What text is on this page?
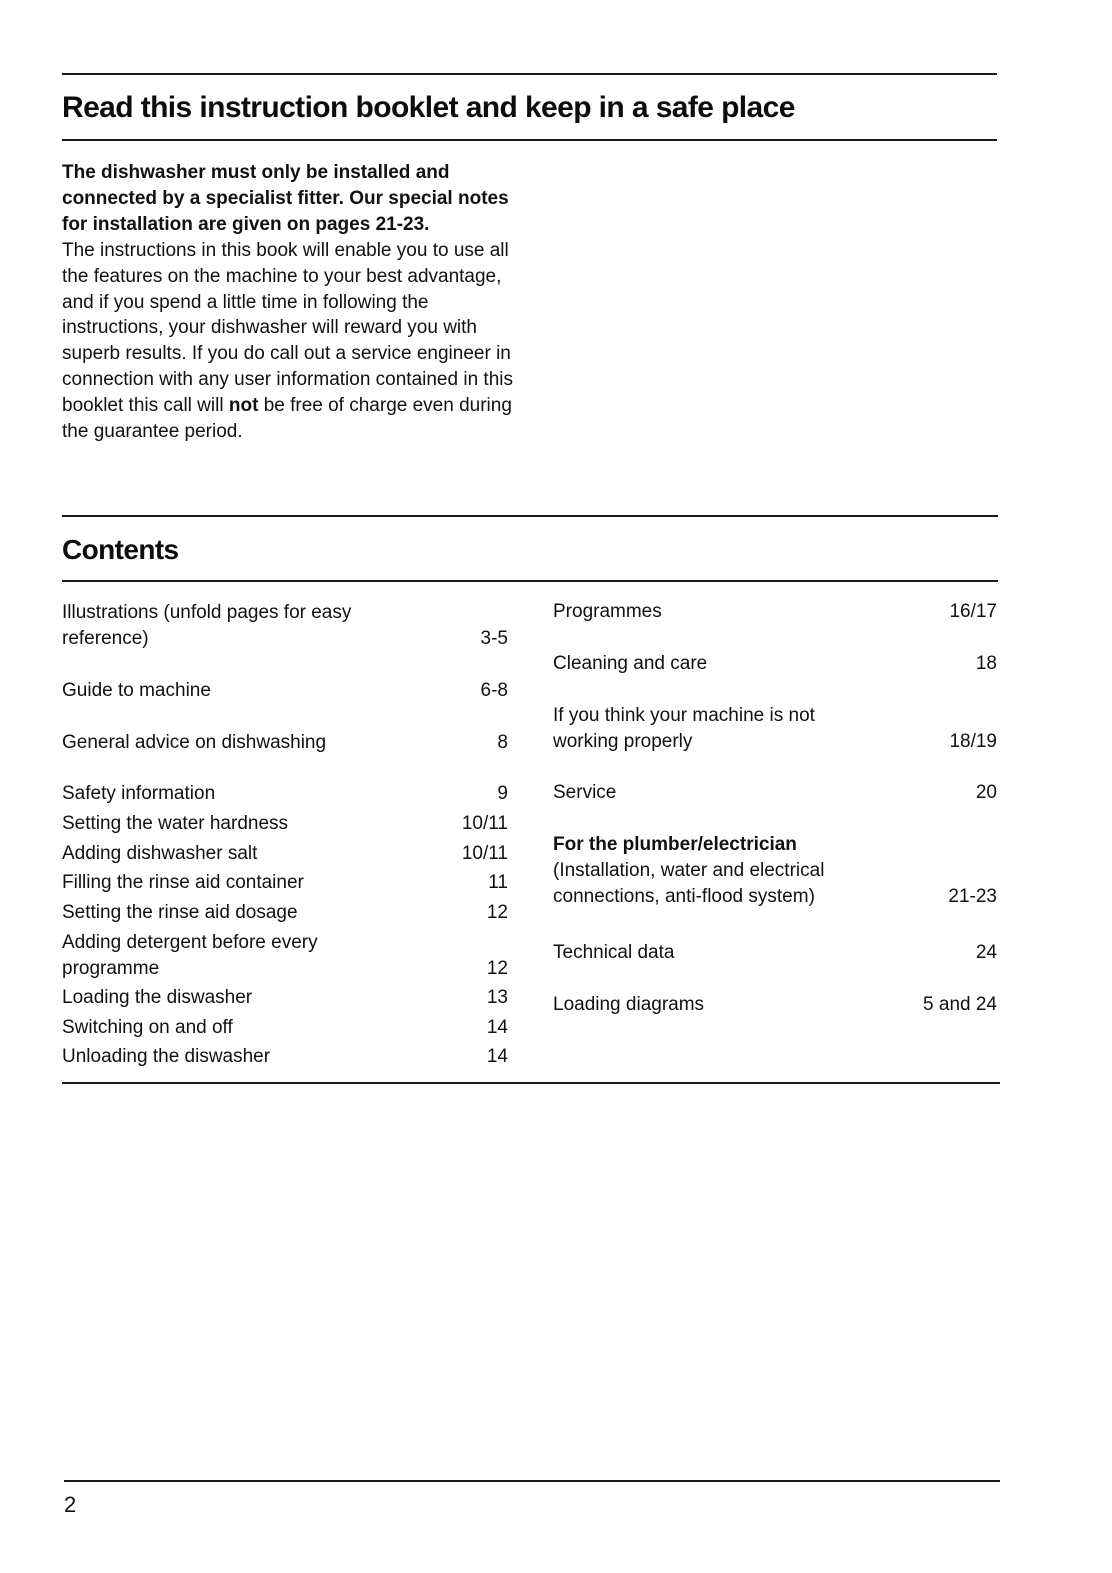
Read this instruction booklet and keep in a safe place

The dishwasher must only be installed and connected by a specialist fitter. Our special notes for installation are given on pages 21-23.

The instructions in this book will enable you to use all the features on the machine to your best advantage, and if you spend a little time in following the instructions, your dishwasher will reward you with superb results. If you do call out a service engineer in connection with any user information contained in this booklet this call will not be free of charge even during the guarantee period.

Contents
Illustrations (unfold pages for easy reference)	3-5
Guide to machine	6-8
General advice on dishwashing	8
Safety information	9
Setting the water hardness	10/11
Adding dishwasher salt	10/11
Filling the rinse aid container	11
Setting the rinse aid dosage	12
Adding detergent before every programme	12
Loading the diswasher	13
Switching on and off	14
Unloading the diswasher	14
Programmes	16/17
Cleaning and care	18
If you think your machine is not working properly	18/19
Service	20
For the plumber/electrician
(Installation, water and electrical connections, anti-flood system)	21-23
Technical data	24
Loading diagrams	5 and 24
2
